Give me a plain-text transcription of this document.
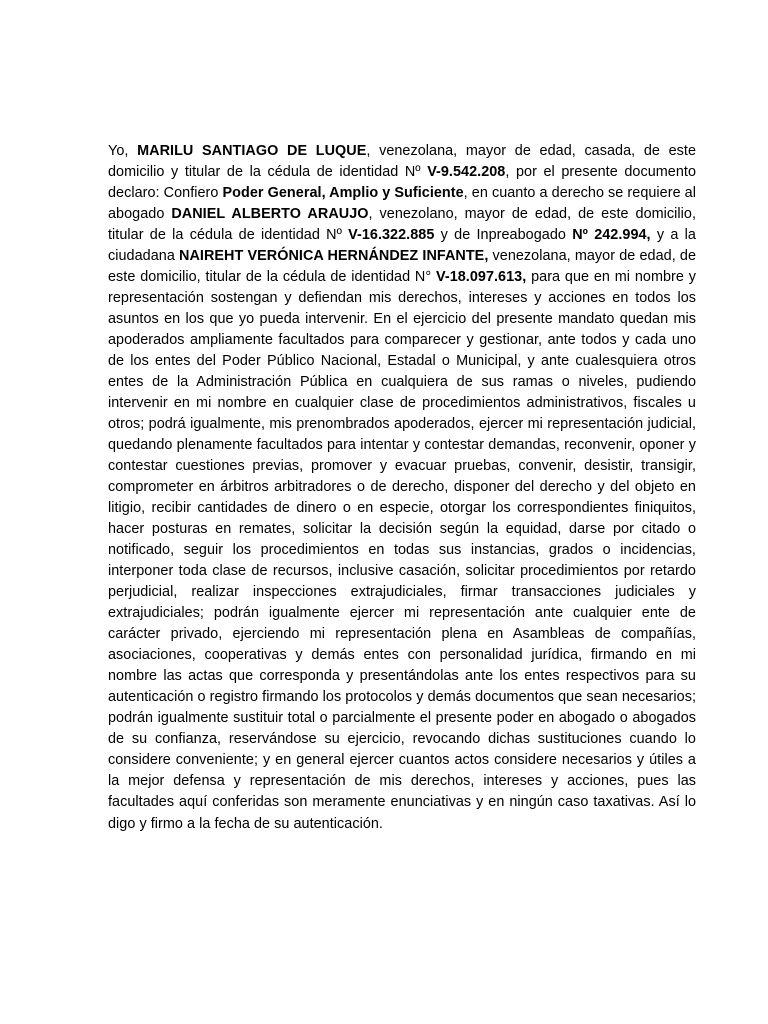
Yo, MARILU SANTIAGO DE LUQUE, venezolana, mayor de edad, casada, de este domicilio y titular de la cédula de identidad Nº V-9.542.208, por el presente documento declaro: Confiero Poder General, Amplio y Suficiente, en cuanto a derecho se requiere al abogado DANIEL ALBERTO ARAUJO, venezolano, mayor de edad, de este domicilio, titular de la cédula de identidad Nº V-16.322.885 y de Inpreabogado Nº 242.994, y a la ciudadana NAIREHT VERÓNICA HERNÁNDEZ INFANTE, venezolana, mayor de edad, de este domicilio, titular de la cédula de identidad N° V-18.097.613, para que en mi nombre y representación sostengan y defiendan mis derechos, intereses y acciones en todos los asuntos en los que yo pueda intervenir. En el ejercicio del presente mandato quedan mis apoderados ampliamente facultados para comparecer y gestionar, ante todos y cada uno de los entes del Poder Público Nacional, Estadal o Municipal, y ante cualesquiera otros entes de la Administración Pública en cualquiera de sus ramas o niveles, pudiendo intervenir en mi nombre en cualquier clase de procedimientos administrativos, fiscales u otros; podrá igualmente, mis prenombrados apoderados, ejercer mi representación judicial, quedando plenamente facultados para intentar y contestar demandas, reconvenir, oponer y contestar cuestiones previas, promover y evacuar pruebas, convenir, desistir, transigir, comprometer en árbitros arbitradores o de derecho, disponer del derecho y del objeto en litigio, recibir cantidades de dinero o en especie, otorgar los correspondientes finiquitos, hacer posturas en remates, solicitar la decisión según la equidad, darse por citado o notificado, seguir los procedimientos en todas sus instancias, grados o incidencias, interponer toda clase de recursos, inclusive casación, solicitar procedimientos por retardo perjudicial, realizar inspecciones extrajudiciales, firmar transacciones judiciales y extrajudiciales; podrán igualmente ejercer mi representación ante cualquier ente de carácter privado, ejerciendo mi representación plena en Asambleas de compañías, asociaciones, cooperativas y demás entes con personalidad jurídica, firmando en mi nombre las actas que corresponda y presentándolas ante los entes respectivos para su autenticación o registro firmando los protocolos y demás documentos que sean necesarios; podrán igualmente sustituir total o parcialmente el presente poder en abogado o abogados de su confianza, reservándose su ejercicio, revocando dichas sustituciones cuando lo considere conveniente; y en general ejercer cuantos actos considere necesarios y útiles a la mejor defensa y representación de mis derechos, intereses y acciones, pues las facultades aquí conferidas son meramente enunciativas y en ningún caso taxativas. Así lo digo y firmo a la fecha de su autenticación.
